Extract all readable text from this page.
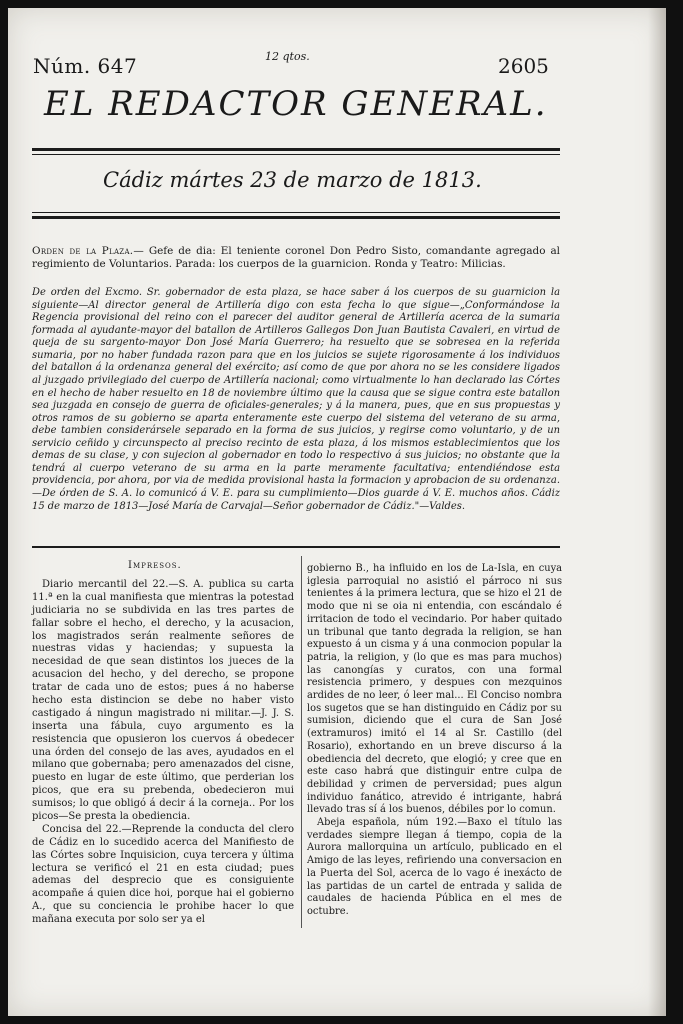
Núm. 647	12 qtos.	2605
EL REDACTOR GENERAL.
Cádiz mártes 23 de marzo de 1813.
Orden de la Plaza.— Gefe de dia: El teniente coronel Don Pedro Sisto, comandante agregado al regimiento de Voluntarios. Parada: los cuerpos de la guarnicion. Ronda y Teatro: Milicias.
De orden del Excmo. Sr. gobernador de esta plaza, se hace saber á los cuerpos de su guarnicion la siguiente—Al director general de Artillería digo con esta fecha lo que sigue—„Conformándose la Regencia provisional del reino con el parecer del auditor general de Artillería acerca de la sumaria formada al ayudante-mayor del batallon de Artilleros Gallegos Don Juan Bautista Cavaleri, en virtud de queja de su sargento-mayor Don José María Guerrero; ha resuelto que se sobresea en la referida sumaria, por no haber fundada razon para que en los juicios se sujete rigorosamente á los individuos del batallon á la ordenanza general del exército; así como de que por ahora no se les considere ligados al juzgado privilegiado del cuerpo de Artillería nacional; como virtualmente lo han declarado las Córtes en el hecho de haber resuelto en 18 de noviembre último que la causa que se sigue contra este batallon sea juzgada en consejo de guerra de oficiales-generales; y á la manera, pues, que en sus propuestas y otros ramos de su gobierno se aparta enteramente este cuerpo del sistema del veterano de su arma, debe tambien considerársele separado en la forma de sus juicios, y regirse como voluntario, y de un servicio ceñido y circunspecto al preciso recinto de esta plaza, á los mismos establecimientos que los demas de su clase, y con sujecion al gobernador en todo lo respectivo á sus juicios; no obstante que la tendrá al cuerpo veterano de su arma en la parte meramente facultativa; entendiéndose esta providencia, por ahora, por via de medida provisional hasta la formacion y aprobacion de su ordenanza.—De órden de S. A. lo comunicó á V. E. para su cumplimiento—Dios guarde á V. E. muchos años. Cádiz 15 de marzo de 1813—José María de Carvajal—Señor gobernador de Cádiz."—Valdes.
Impresos.

Diario mercantil del 22.—S. A. publica su carta 11.ª en la cual manifiesta que mientras la potestad judiciaria no se subdivida en las tres partes de fallar sobre el hecho, el derecho, y la acusacion, los magistrados serán realmente señores de nuestras vidas y haciendas; y supuesta la necesidad de que sean distintos los jueces de la acusacion del hecho, y del derecho, se propone tratar de cada uno de estos; pues á no haberse hecho esta distincion se debe no haber visto castigado á ningun magistrado ni militar.—J. J. S. inserta una fábula, cuyo argumento es la resistencia que opusieron los cuervos á obedecer una órden del consejo de las aves, ayudados en el milano que gobernaba; pero amenazados del cisne, puesto en lugar de este último, que perderian los picos, que era su prebenda, obedecieron mui sumisos; lo que obligó á decir á la corneja.. Por los picos—Se presta la obediencia.

Concisa del 22.—Reprende la conducta del clero de Cádiz en lo sucedido acerca del Manifiesto de las Córtes sobre Inquisicion, cuya tercera y última lectura se verificó el 21 en esta ciudad; pues ademas del desprecio que es consiguiente acompañe á quien dice hoi, porque hai el gobierno A., que su conciencia le prohibe hacer lo que mañana executa por solo ser ya el

gobierno B., ha influido en los de La-Isla, en cuya iglesia parroquial no asistió el párroco ni sus tenientes á la primera lectura, que se hizo el 21 de modo que ni se oia ni entendia, con escándalo é irritacion de todo el vecindario. Por haber quitado un tribunal que tanto degrada la religion, se han expuesto á un cisma y á una conmocion popular la patria, la religion, y (lo que es mas para muchos) las canongías y curatos, con una formal resistencia primero, y despues con mezquinos ardides de no leer, ó leer mal... El Conciso nombra los sugetos que se han distinguido en Cádiz por su sumision, diciendo que el cura de San José (extramuros) imitó el 14 al Sr. Castillo (del Rosario), exhortando en un breve discurso á la obediencia del decreto, que elogió; y cree que en este caso habrá que distinguir entre culpa de debilidad y crimen de perversidad; pues algun individuo fanático, atrevido é intrigante, habrá llevado tras sí á los buenos, débiles por lo comun.

Abeja española, núm 192.—Baxo el título las verdades siempre llegan á tiempo, copia de la Aurora mallorquina un artículo, publicado en el Amigo de las leyes, refiriendo una conversacion en la Puerta del Sol, acerca de lo vago é inexácto de las partidas de un cartel de entrada y salida de caudales de hacienda Pública en el mes de octubre.
